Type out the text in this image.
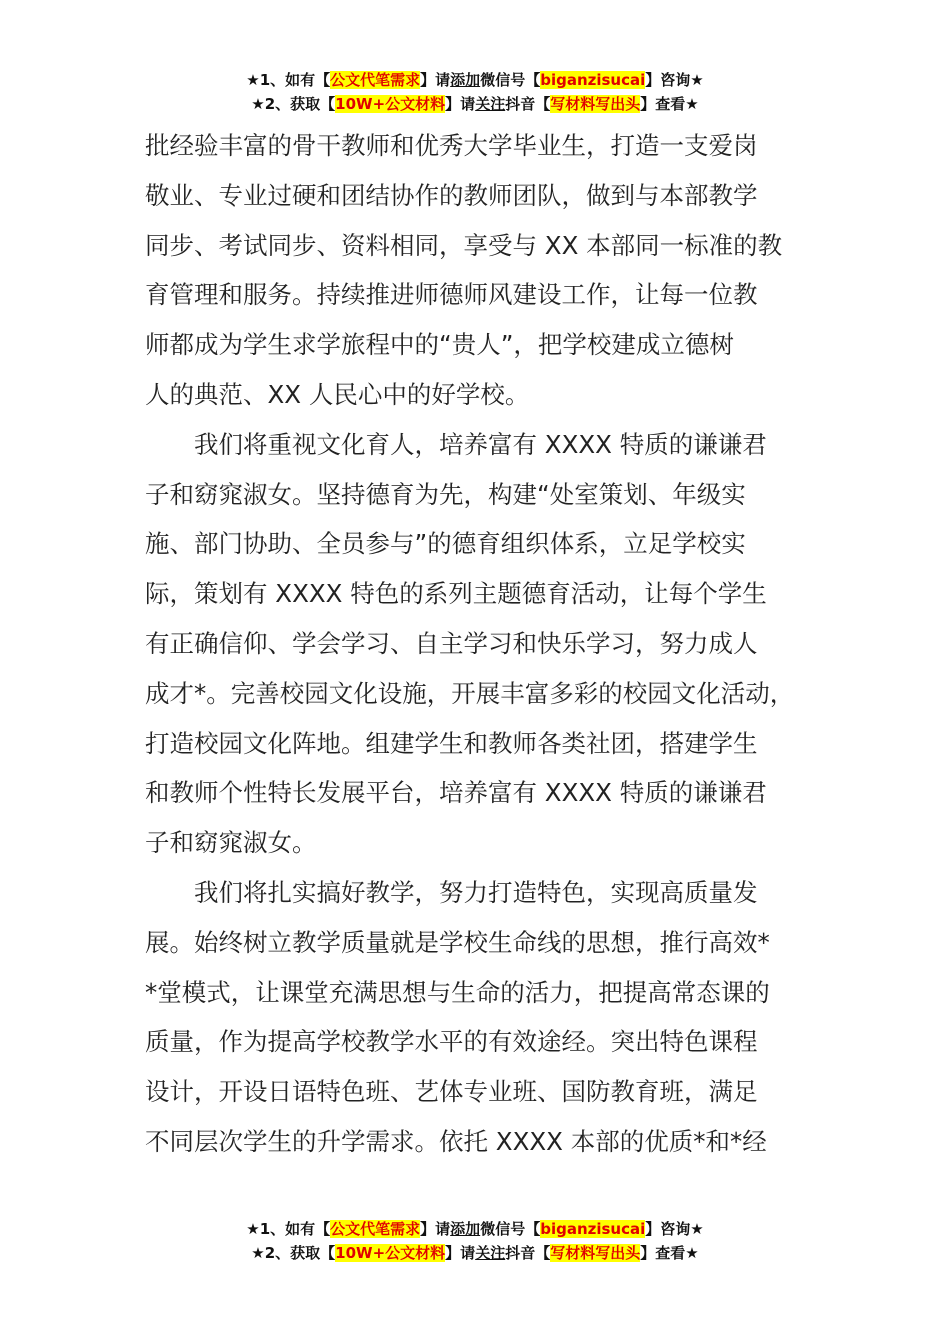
★1、如有【公文代笔需求】请添加微信号【biganzisucai】咨询★
★2、获取【10W+公文材料】请关注抖音【写材料写出头】查看★
批经验丰富的骨干教师和优秀大学毕业生，打造一支爱岗
敬业、专业过硬和团结协作的教师团队，做到与本部教学
同步、考试同步、资料相同，享受与 XX 本部同一标准的教
育管理和服务。持续推进师德师风建设工作，让每一位教
师都成为学生求学旅程中的“贵人”，把学校建成立德树
人的典范、XX 人民心中的好学校。
我们将重视文化育人，培养富有 XXXX 特质的谦谦君
子和窈窕淑女。坚持德育为先，构建“处室策划、年级实
施、部门协助、全员参与”的德育组织体系，立足学校实
际，策划有 XXXX 特色的系列主题德育活动，让每个学生
有正确信仰、学会学习、自主学习和快乐学习，努力成人
成才*。完善校园文化设施，开展丰富多彩的校园文化活动，
打造校园文化阵地。组建学生和教师各类社团，搭建学生
和教师个性特长发展平台，培养富有 XXXX 特质的谦谦君
子和窈窕淑女。
我们将扎实搞好教学，努力打造特色，实现高质量发
展。始终树立教学质量就是学校生命线的思想，推行高效*
*堂模式，让课堂充满思想与生命的活力，把提高常态课的
质量，作为提高学校教学水平的有效途经。突出特色课程
设计，开设日语特色班、艺体专业班、国防教育班，满足
不同层次学生的升学需求。依托 XXXX 本部的优质*和*经
★1、如有【公文代笔需求】请添加微信号【biganzisucai】咨询★
★2、获取【10W+公文材料】请关注抖音【写材料写出头】查看★
